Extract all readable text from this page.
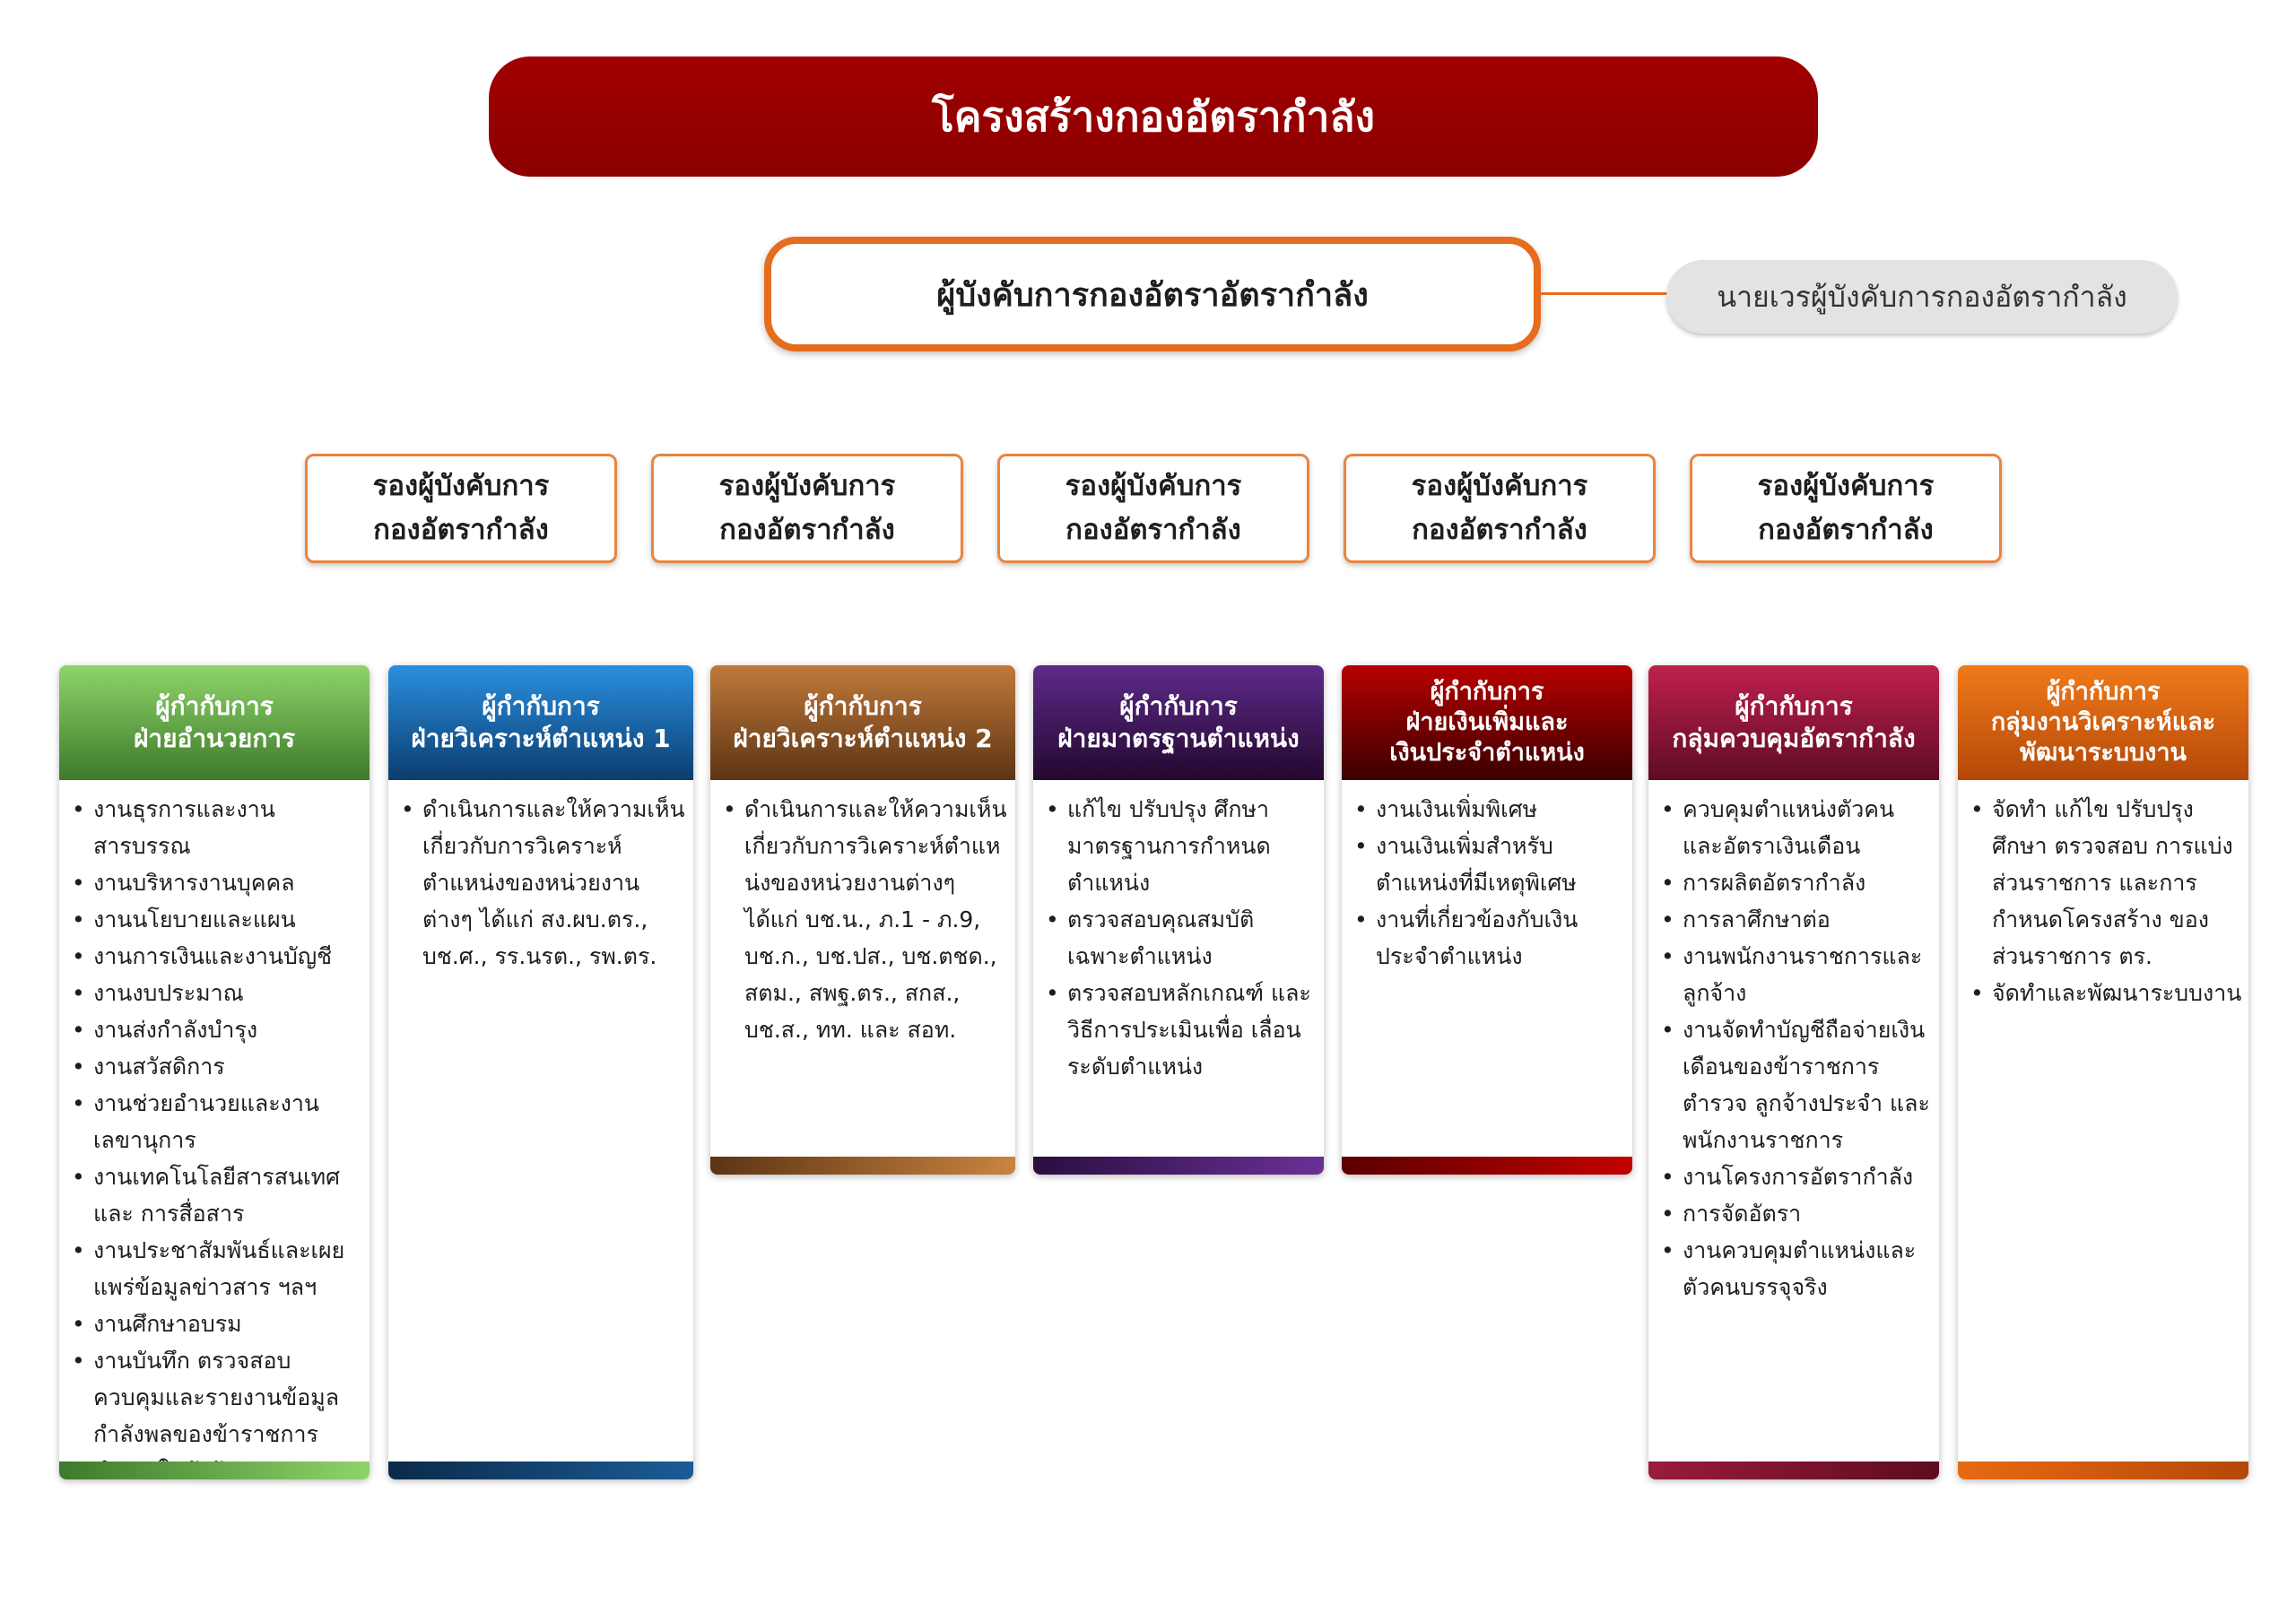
โครงสร้างกองอัตรากำลัง
ผู้บังคับการกองอัตราอัตรากำลัง	นายเวรผู้บังคับการกองอัตรากำลัง
รองผู้บังคับการ
กองอัตรากำลัง
รองผู้บังคับการ
กองอัตรากำลัง
รองผู้บังคับการ
กองอัตรากำลัง
รองผู้บังคับการ
กองอัตรากำลัง
รองผู้บังคับการ
กองอัตรากำลัง
ผู้กำกับการ
ฝ่ายอำนวยการ
• งานธุรการและงานสารบรรณ
• งานบริหารงานบุคคล
• งานนโยบายและแผน
• งานการเงินและงานบัญชี
• งานงบประมาณ
• งานส่งกำลังบำรุง
• งานสวัสดิการ
• งานช่วยอำนวยและงาน เลขานุการ
• งานเทคโนโลยีสารสนเทศและ การสื่อสาร
• งานประชาสัมพันธ์และเผย แพร่ข้อมูลข่าวสาร ฯลฯ
• งานศึกษาอบรม
• งานบันทึก ตรวจสอบ ควบคุมและรายงานข้อมูล กำลังพลของข้าราชการ
ผู้กำกับการ
ฝ่ายวิเคราะห์ตำแหน่ง 1
• ดำเนินการและให้ความเห็น เกี่ยวกับการวิเคราะห์ ตำแหน่งของหน่วยงานต่างๆ ได้แก่ สง.ผบ.ตร., บช.ศ., รร.นรต., รพ.ตร.
ผู้กำกับการ
ฝ่ายวิเคราะห์ตำแหน่ง 2
• ดำเนินการและให้ความเห็น เกี่ยวกับการวิเคราะห์ตำแห น่งของหน่วยงานต่างๆ ได้แก่ บช.น., ภ.1 - ภ.9, บช.ก., บช.ปส., บช.ตชด., สตม., สพฐ.ตร., สกส., บช.ส., ทท. และ สอท.
ผู้กำกับการ
ฝ่ายมาตรฐานตำแหน่ง
• แก้ไข ปรับปรุง ศึกษา มาตรฐานการกำหนด ตำแหน่ง
• ตรวจสอบคุณสมบัติ เฉพาะตำแหน่ง
• ตรวจสอบหลักเกณฑ์ และวิธีการประเมินเพื่อ เลื่อนระดับตำแหน่ง
ผู้กำกับการ
ฝ่ายเงินเพิ่มและ
เงินประจำตำแหน่ง
• งานเงินเพิ่มพิเศษ
• งานเงินเพิ่มสำหรับ ตำแหน่งที่มีเหตุพิเศษ
• งานที่เกี่ยวข้องกับเงิน ประจำตำแหน่ง
ผู้กำกับการ
กลุ่มควบคุมอัตรากำลัง
• ควบคุมตำแหน่งตัวคน และอัตราเงินเดือน
• การผลิตอัตรากำลัง
• การลาศึกษาต่อ
• งานพนักงานราชการและ ลูกจ้าง
• งานจัดทำบัญชีถือจ่ายเงิน เดือนของข้าราชการ ตำรวจ ลูกจ้างประจำ และพนักงานราชการ
• งานโครงการอัตรากำลัง
• การจัดอัตรา
• งานควบคุมตำแหน่งและ ตัวคนบรรจุจริง
ผู้กำกับการ
กลุ่มงานวิเคราะห์และ
พัฒนาระบบงาน
• จัดทำ แก้ไข ปรับปรุง ศึกษา ตรวจสอบ การแบ่งส่วนราชการ และการกำหนดโครงสร้าง ของส่วนราชการ ตร.
• จัดทำและพัฒนาระบบงาน
